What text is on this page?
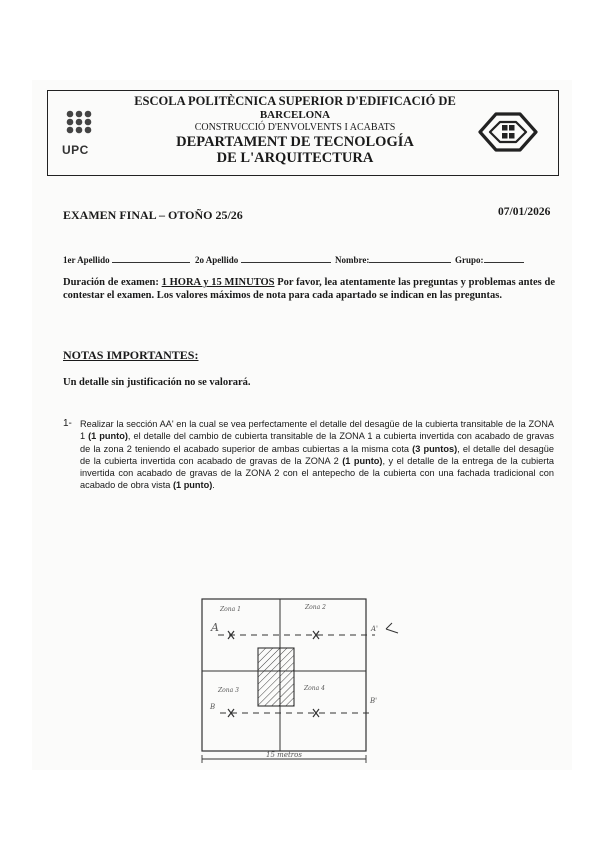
UPC
ESCOLA POLITÈCNICA SUPERIOR D'EDIFICACIÓ DE
BARCELONA
CONSTRUCCIÓ D'ENVOLVENTS I ACABATS
DEPARTAMENT DE TECNOLOGÍA
DE L'ARQUITECTURA
EXAMEN FINAL – OTOÑO 25/26	07/01/2026
1er Apellido	2o Apellido	Nombre:	Grupo:
Duración de examen: 1 HORA y 15 MINUTOS Por favor, lea atentamente las preguntas y problemas antes de contestar el examen. Los valores máximos de nota para cada apartado se indican en las preguntas.
NOTAS IMPORTANTES:
Un detalle sin justificación no se valorará.
1- Realizar la sección AA' en la cual se vea perfectamente el detalle del desagüe de la cubierta transitable de la ZONA 1 (1 punto), el detalle del cambio de cubierta transitable de la ZONA 1 a cubierta invertida con acabado de gravas de la zona 2 teniendo el acabado superior de ambas cubiertas a la misma cota (3 puntos), el detalle del desagüe de la cubierta invertida con acabado de gravas de la ZONA 2 (1 punto), y el detalle de la entrega de la cubierta invertida con acabado de gravas de la ZONA 2 con el antepecho de la cubierta con una fachada tradicional con acabado de obra vista (1 punto).
Zona 1	Zona 2
Zona 3	Zona 4
A	A'
B
B'
15 metros
